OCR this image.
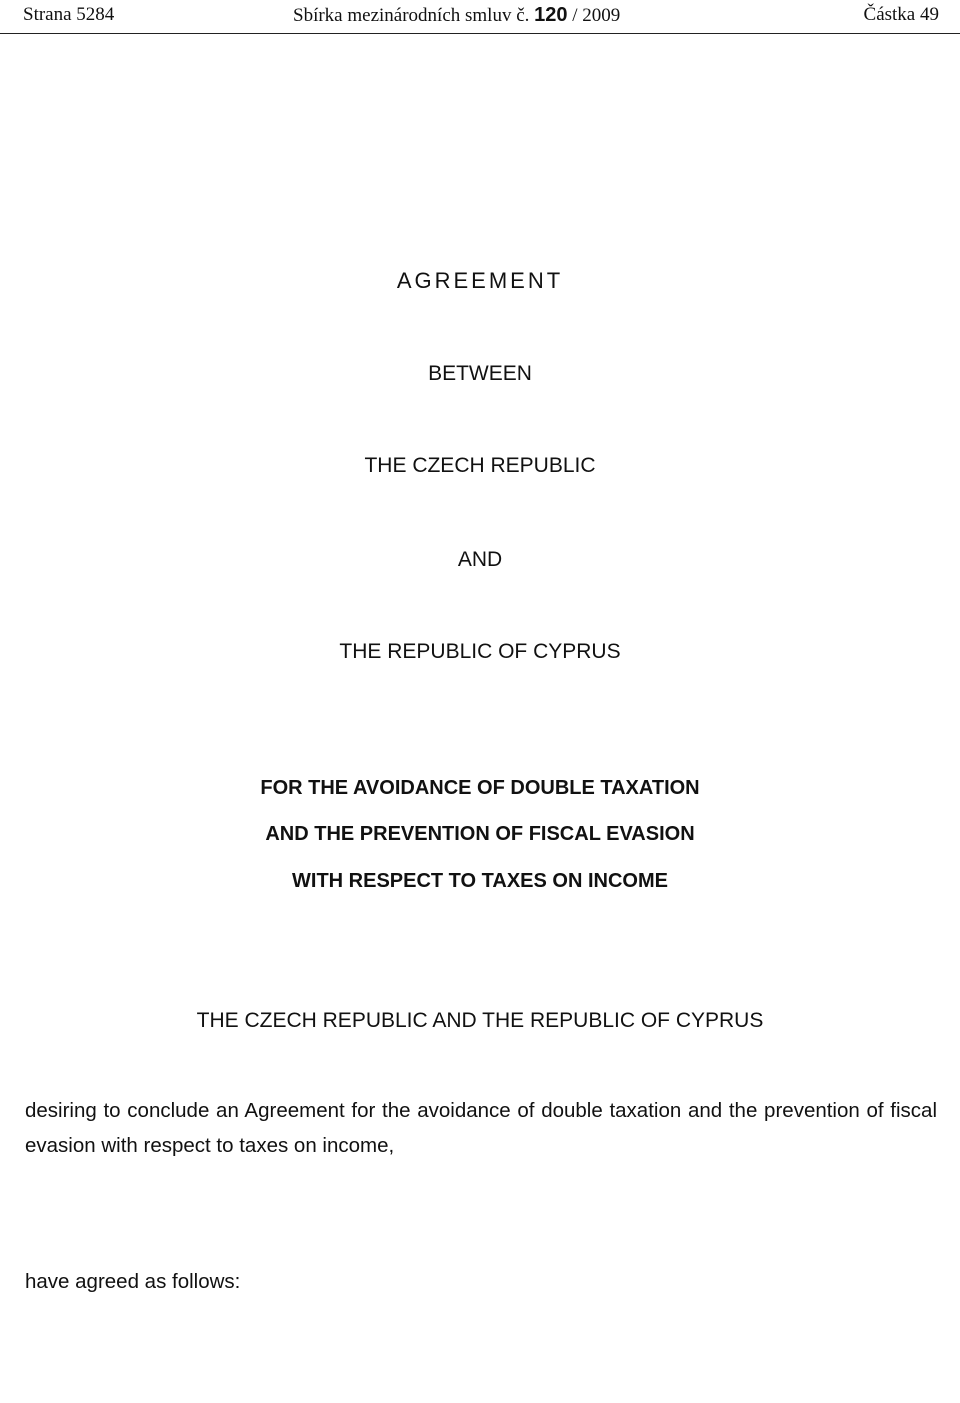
Strana 5284	Sbírka mezinárodních smluv č. 120 / 2009	Částka 49
AGREEMENT
BETWEEN
THE CZECH REPUBLIC
AND
THE REPUBLIC OF CYPRUS
FOR THE AVOIDANCE OF DOUBLE TAXATION
AND THE PREVENTION OF FISCAL EVASION
WITH RESPECT TO TAXES ON INCOME
THE CZECH REPUBLIC AND THE REPUBLIC OF CYPRUS
desiring to conclude an Agreement for the avoidance of double taxation and the prevention of fiscal evasion with respect to taxes on income,
have agreed as follows:
